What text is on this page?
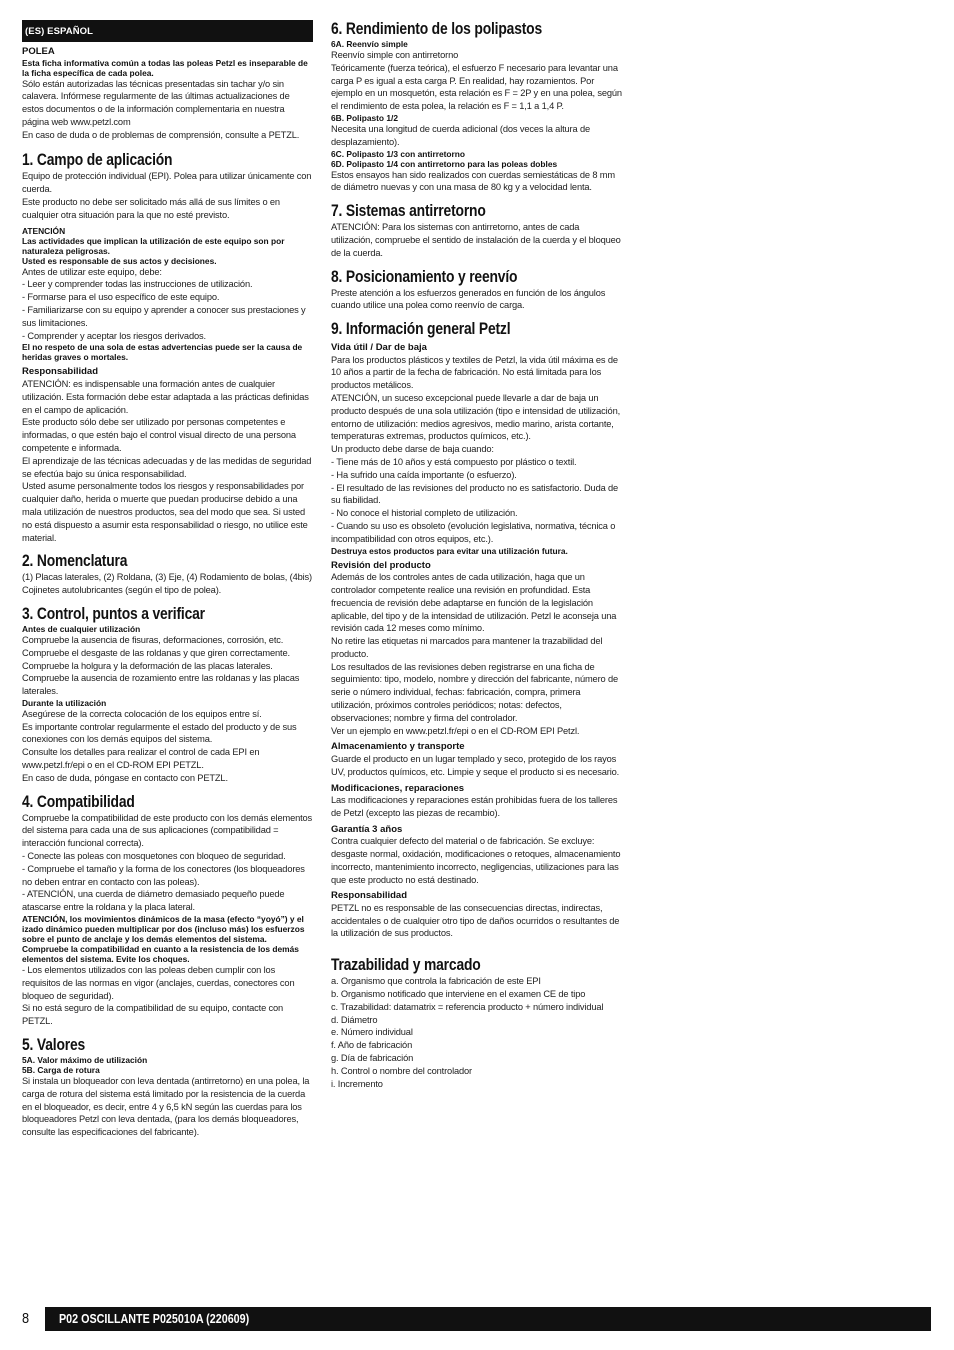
(ES) ESPAÑOL
POLEA
Esta ficha informativa común a todas las poleas Petzl es inseparable de la ficha específica de cada polea.
Sólo están autorizadas las técnicas presentadas sin tachar y/o sin calavera. Infórmese regularmente de las últimas actualizaciones de estos documentos o de la información complementaria en nuestra página web www.petzl.com
En caso de duda o de problemas de comprensión, consulte a PETZL.
1. Campo de aplicación
Equipo de protección individual (EPI). Polea para utilizar únicamente con cuerda.
Este producto no debe ser solicitado más allá de sus límites o en cualquier otra situación para la que no esté previsto.
ATENCIÓN
Las actividades que implican la utilización de este equipo son por naturaleza peligrosas.
Usted es responsable de sus actos y decisiones.
Antes de utilizar este equipo, debe:
- Leer y comprender todas las instrucciones de utilización.
- Formarse para el uso específico de este equipo.
- Familiarizarse con su equipo y aprender a conocer sus prestaciones y sus limitaciones.
- Comprender y aceptar los riesgos derivados.
El no respeto de una sola de estas advertencias puede ser la causa de heridas graves o mortales.
Responsabilidad
ATENCIÓN: es indispensable una formación antes de cualquier utilización. Esta formación debe estar adaptada a las prácticas definidas en el campo de aplicación.
Este producto sólo debe ser utilizado por personas competentes e informadas, o que estén bajo el control visual directo de una persona competente e informada.
El aprendizaje de las técnicas adecuadas y de las medidas de seguridad se efectúa bajo su única responsabilidad.
Usted asume personalmente todos los riesgos y responsabilidades por cualquier daño, herida o muerte que puedan producirse debido a una mala utilización de nuestros productos, sea del modo que sea. Si usted no está dispuesto a asumir esta responsabilidad o riesgo, no utilice este material.
2. Nomenclatura
(1) Placas laterales, (2) Roldana, (3) Eje, (4) Rodamiento de bolas, (4bis) Cojinetes autolubricantes (según el tipo de polea).
3. Control, puntos a verificar
Antes de cualquier utilización
Compruebe la ausencia de fisuras, deformaciones, corrosión, etc.
Compruebe el desgaste de las roldanas y que giren correctamente.
Compruebe la holgura y la deformación de las placas laterales.
Compruebe la ausencia de rozamiento entre las roldanas y las placas laterales.
Durante la utilización
Asegúrese de la correcta colocación de los equipos entre sí.
Es importante controlar regularmente el estado del producto y de sus conexiones con los demás equipos del sistema.
Consulte los detalles para realizar el control de cada EPI en www.petzl.fr/epi o en el CD-ROM EPI PETZL.
En caso de duda, póngase en contacto con PETZL.
4. Compatibilidad
Compruebe la compatibilidad de este producto con los demás elementos del sistema para cada una de sus aplicaciones (compatibilidad = interacción funcional correcta).
- Conecte las poleas con mosquetones con bloqueo de seguridad.
- Compruebe el tamaño y la forma de los conectores (los bloqueadores no deben entrar en contacto con las poleas).
- ATENCIÓN, una cuerda de diámetro demasiado pequeño puede atascarse entre la roldana y la placa lateral.
ATENCIÓN, los movimientos dinámicos de la masa (efecto “yoyó”) y el izado dinámico pueden multiplicar por dos (incluso más) los esfuerzos sobre el punto de anclaje y los demás elementos del sistema. Compruebe la compatibilidad en cuanto a la resistencia de los demás elementos del sistema. Evite los choques.
- Los elementos utilizados con las poleas deben cumplir con los requisitos de las normas en vigor (anclajes, cuerdas, conectores con bloqueo de seguridad).
Si no está seguro de la compatibilidad de su equipo, contacte con PETZL.
5. Valores
5A. Valor máximo de utilización
5B. Carga de rotura
Si instala un bloqueador con leva dentada (antirretorno) en una polea, la carga de rotura del sistema está limitado por la resistencia de la cuerda en el bloqueador, es decir, entre 4 y 6,5 kN según las cuerdas para los bloqueadores Petzl con leva dentada, (para los demás bloqueadores, consulte las especificaciones del fabricante).
6. Rendimiento de los polipastos
6A. Reenvío simple
Reenvío simple con antirretorno
Teóricamente (fuerza teórica), el esfuerzo F necesario para levantar una carga P es igual a esta carga P. En realidad, hay rozamientos. Por ejemplo en un mosquetón, esta relación es F = 2P y en una polea, según el rendimiento de esta polea, la relación es F = 1,1 a 1,4 P.
6B. Polipasto 1/2
Necesita una longitud de cuerda adicional (dos veces la altura de desplazamiento).
6C. Polipasto 1/3 con antirretorno
6D. Polipasto 1/4 con antirretorno para las poleas dobles
Estos ensayos han sido realizados con cuerdas semiestáticas de 8 mm de diámetro nuevas y con una masa de 80 kg y a velocidad lenta.
7. Sistemas antirretorno
ATENCIÓN: Para los sistemas con antirretorno, antes de cada utilización, compruebe el sentido de instalación de la cuerda y el bloqueo de la cuerda.
8. Posicionamiento y reenvío
Preste atención a los esfuerzos generados en función de los ángulos cuando utilice una polea como reenvío de carga.
9. Información general Petzl
Vida útil / Dar de baja
Para los productos plásticos y textiles de Petzl, la vida útil máxima es de 10 años a partir de la fecha de fabricación. No está limitada para los productos metálicos.
ATENCIÓN, un suceso excepcional puede llevarle a dar de baja un producto después de una sola utilización (tipo e intensidad de utilización, entorno de utilización: medios agresivos, medio marino, arista cortante, temperaturas extremas, productos químicos, etc.).
Un producto debe darse de baja cuando:
- Tiene más de 10 años y está compuesto por plástico o textil.
- Ha sufrido una caída importante (o esfuerzo).
- El resultado de las revisiones del producto no es satisfactorio. Duda de su fiabilidad.
- No conoce el historial completo de utilización.
- Cuando su uso es obsoleto (evolución legislativa, normativa, técnica o incompatibilidad con otros equipos, etc.).
Destruya estos productos para evitar una utilización futura.
Revisión del producto
Además de los controles antes de cada utilización, haga que un controlador competente realice una revisión en profundidad. Esta frecuencia de revisión debe adaptarse en función de la legislación aplicable, del tipo y de la intensidad de utilización. Petzl le aconseja una revisión cada 12 meses como mínimo.
No retire las etiquetas ni marcados para mantener la trazabilidad del producto.
Los resultados de las revisiones deben registrarse en una ficha de seguimiento: tipo, modelo, nombre y dirección del fabricante, número de serie o número individual, fechas: fabricación, compra, primera utilización, próximos controles periódicos; notas: defectos, observaciones; nombre y firma del controlador.
Ver un ejemplo en www.petzl.fr/epi o en el CD-ROM EPI Petzl.
Almacenamiento y transporte
Guarde el producto en un lugar templado y seco, protegido de los rayos UV, productos químicos, etc. Limpie y seque el producto si es necesario.
Modificaciones, reparaciones
Las modificaciones y reparaciones están prohibidas fuera de los talleres de Petzl (excepto las piezas de recambio).
Garantía 3 años
Contra cualquier defecto del material o de fabricación. Se excluye: desgaste normal, oxidación, modificaciones o retoques, almacenamiento incorrecto, mantenimiento incorrecto, negligencias, utilizaciones para las que este producto no está destinado.
Responsabilidad
PETZL no es responsable de las consecuencias directas, indirectas, accidentales o de cualquier otro tipo de daños ocurridos o resultantes de la utilización de sus productos.
Trazabilidad y marcado
a. Organismo que controla la fabricación de este EPI
b. Organismo notificado que interviene en el examen CE de tipo
c. Trazabilidad: datamatrix = referencia producto + número individual
d. Diámetro
e. Número individual
f. Año de fabricación
g. Día de fabricación
h. Control o nombre del controlador
i. Incremento
8	P02 OSCILLANTE P025010A (220609)
